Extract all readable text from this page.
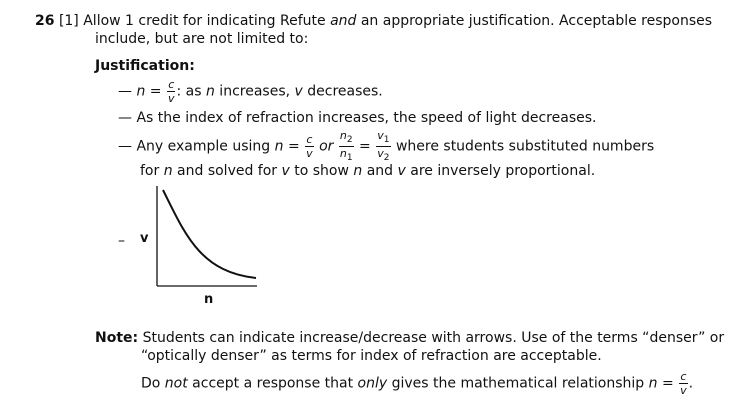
26 [1] Allow 1 credit for indicating Refute and an appropriate justification. Acceptable responses
include, but are not limited to:
Justification:
— $n = \frac{c}{v}$ : as n increases, v decreases.
— As the index of refraction increases, the speed of light decreases.
— Any example using $n = \frac{c}{v}$ or $\frac{n_2}{n_1} = \frac{v_1}{v_2}$ where students substituted numbers
for n and solved for v to show n and v are inversely proportional.
– v
n
Note: Students can indicate increase/decrease with arrows. Use of the terms “denser” or
“optically denser” as terms for index of refraction are acceptable.
Do not accept a response that only gives the mathematical relationship $n = \frac{c}{v}$ .
